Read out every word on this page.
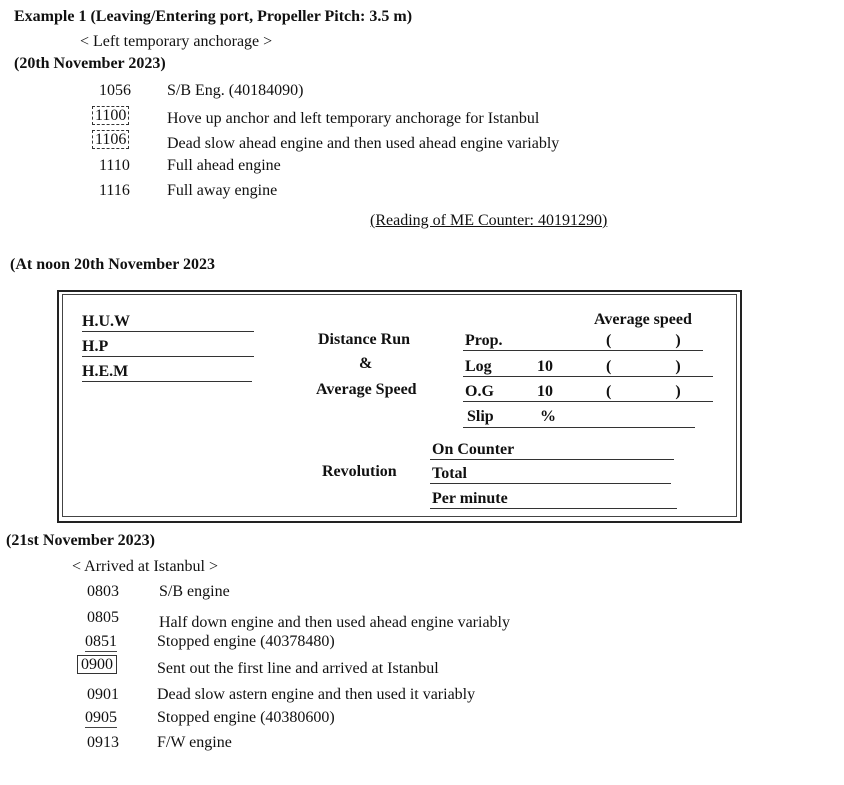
Example 1 (Leaving/Entering port, Propeller Pitch: 3.5 m)
< Left temporary anchorage >
(20th November 2023)
1056 S/B Eng. (40184090)
1100	Hove up anchor and left temporary anchorage for Istanbul
1106	Dead slow ahead engine and then used ahead engine variably
1110 Full ahead engine
1116 Full away engine
(Reading of ME Counter: 40191290)
(At noon 20th November 2023
H.U.W
H.P
H.E.M
Distance Run
&
Average Speed
Average speed
Prop.	(                )
Log	10	(                )
O.G	10	(                )
Slip	%
Revolution
On Counter
Total
Per minute
(21st November 2023)
< Arrived at Istanbul >
0803	S/B engine
0805	Half down engine and then used ahead engine variably
0851	Stopped engine (40378480)
0900	Sent out the first line and arrived at Istanbul
0901 Dead slow astern engine and then used it variably
0905	Stopped engine (40380600)
0913 F/W engine
